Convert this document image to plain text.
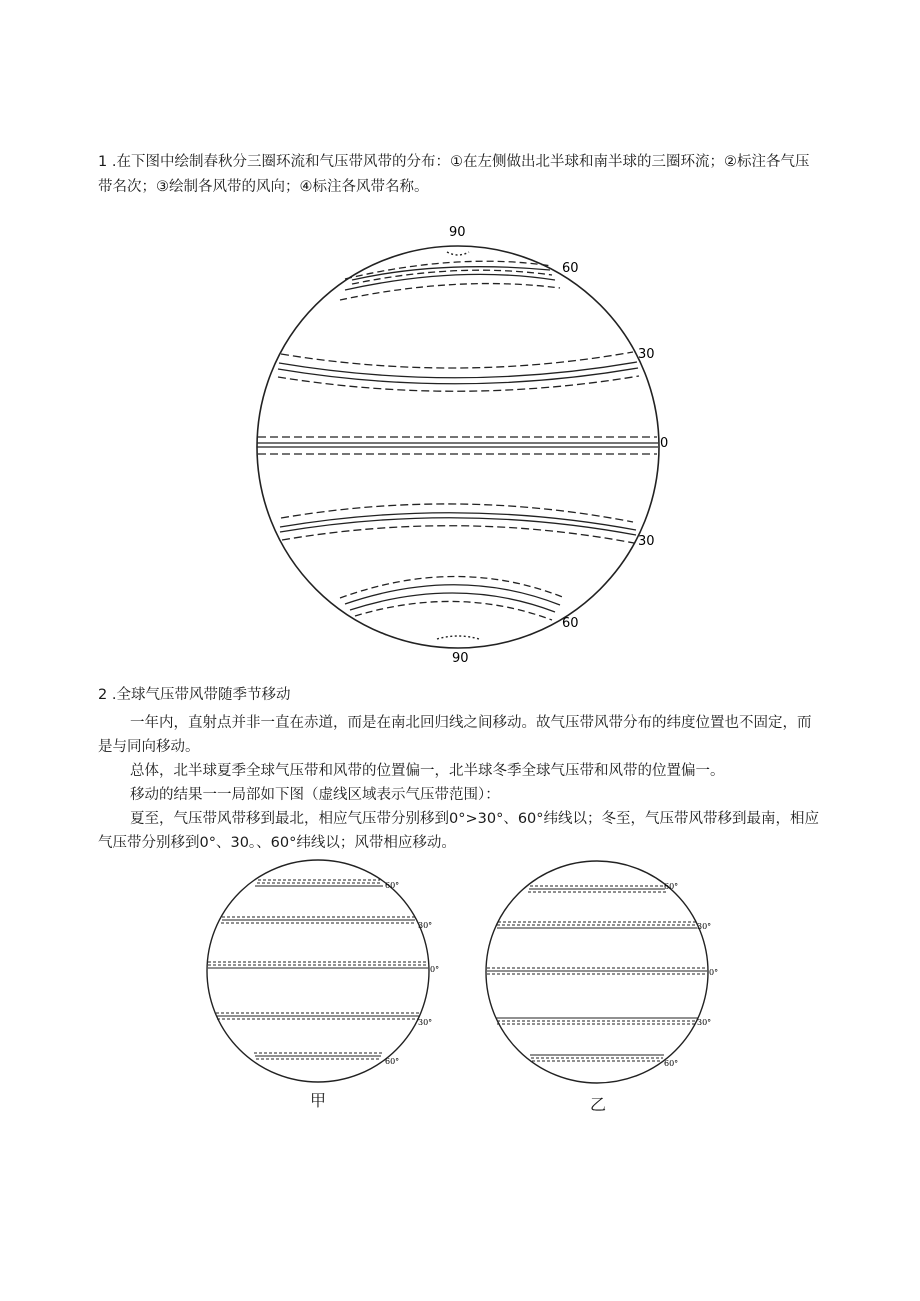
1 .在下图中绘制春秋分三圈环流和气压带风带的分布：①在左侧做出北半球和南半球的三圈环流；②标注各气压带名次；③绘制各风带的风向；④标注各风带名称。
90
60
30
0
30
60
90
2 .全球气压带风带随季节移动
一年内，直射点并非一直在赤道，而是在南北回归线之间移动。故气压带风带分布的纬度位置也不固定，而是与同向移动。
总体，北半球夏季全球气压带和风带的位置偏一，北半球冬季全球气压带和风带的位置偏一。
移动的结果一一局部如下图（虚线区域表示气压带范围）：
夏至，气压带风带移到最北，相应气压带分别移到0°>30°、60°纬线以；冬至，气压带风带移到最南，相应气压带分别移到0°、30。、60°纬线以；风带相应移动。
60°
30°
0°
30°
60°
甲
60°
30°
0°
30°
60°
乙
